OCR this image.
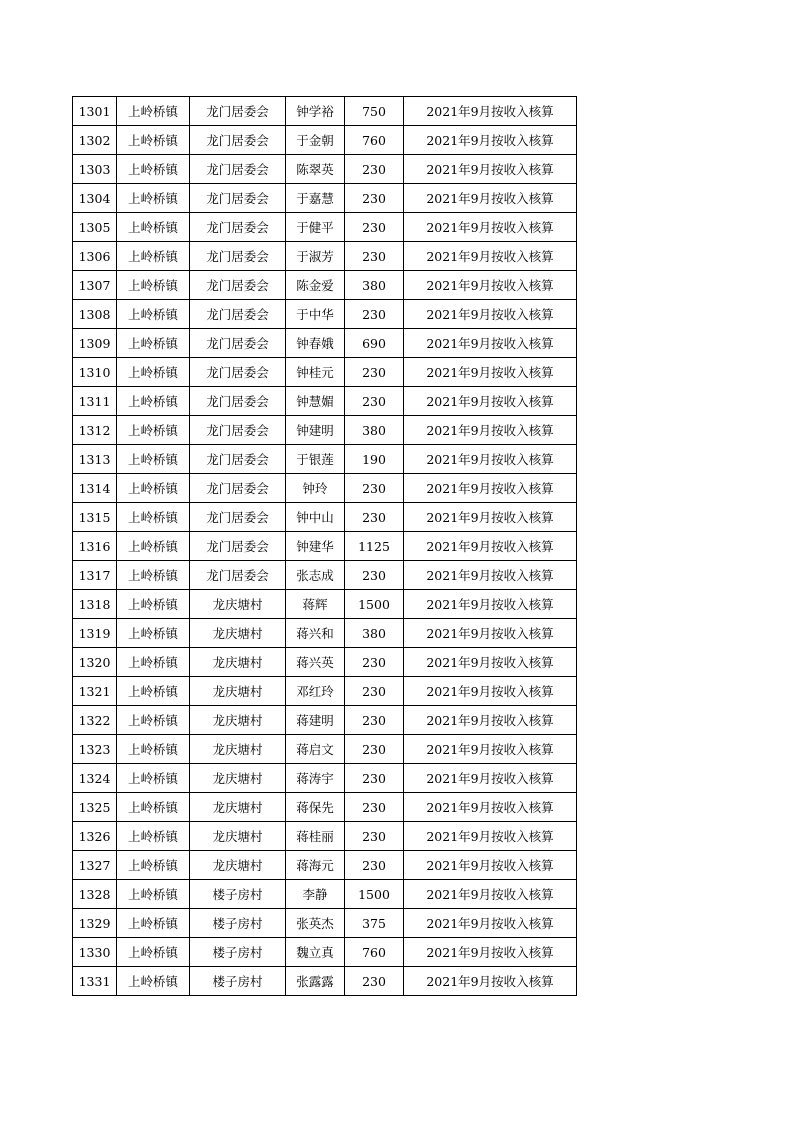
1301	上岭桥镇	龙门居委会	钟学裕	750	2021年9月按收入核算
1302	上岭桥镇	龙门居委会	于金朝	760	2021年9月按收入核算
1303	上岭桥镇	龙门居委会	陈翠英	230	2021年9月按收入核算
1304	上岭桥镇	龙门居委会	于嘉慧	230	2021年9月按收入核算
1305	上岭桥镇	龙门居委会	于健平	230	2021年9月按收入核算
1306	上岭桥镇	龙门居委会	于淑芳	230	2021年9月按收入核算
1307	上岭桥镇	龙门居委会	陈金爱	380	2021年9月按收入核算
1308	上岭桥镇	龙门居委会	于中华	230	2021年9月按收入核算
1309	上岭桥镇	龙门居委会	钟春娥	690	2021年9月按收入核算
1310	上岭桥镇	龙门居委会	钟桂元	230	2021年9月按收入核算
1311	上岭桥镇	龙门居委会	钟慧媚	230	2021年9月按收入核算
1312	上岭桥镇	龙门居委会	钟建明	380	2021年9月按收入核算
1313	上岭桥镇	龙门居委会	于银莲	190	2021年9月按收入核算
1314	上岭桥镇	龙门居委会	钟玲	230	2021年9月按收入核算
1315	上岭桥镇	龙门居委会	钟中山	230	2021年9月按收入核算
1316	上岭桥镇	龙门居委会	钟建华	1125	2021年9月按收入核算
1317	上岭桥镇	龙门居委会	张志成	230	2021年9月按收入核算
1318	上岭桥镇	龙庆塘村	蒋辉	1500	2021年9月按收入核算
1319	上岭桥镇	龙庆塘村	蒋兴和	380	2021年9月按收入核算
1320	上岭桥镇	龙庆塘村	蒋兴英	230	2021年9月按收入核算
1321	上岭桥镇	龙庆塘村	邓红玲	230	2021年9月按收入核算
1322	上岭桥镇	龙庆塘村	蒋建明	230	2021年9月按收入核算
1323	上岭桥镇	龙庆塘村	蒋启文	230	2021年9月按收入核算
1324	上岭桥镇	龙庆塘村	蒋涛宇	230	2021年9月按收入核算
1325	上岭桥镇	龙庆塘村	蒋保先	230	2021年9月按收入核算
1326	上岭桥镇	龙庆塘村	蒋桂丽	230	2021年9月按收入核算
1327	上岭桥镇	龙庆塘村	蒋海元	230	2021年9月按收入核算
1328	上岭桥镇	楼子房村	李静	1500	2021年9月按收入核算
1329	上岭桥镇	楼子房村	张英杰	375	2021年9月按收入核算
1330	上岭桥镇	楼子房村	魏立真	760	2021年9月按收入核算
1331	上岭桥镇	楼子房村	张露露	230	2021年9月按收入核算
